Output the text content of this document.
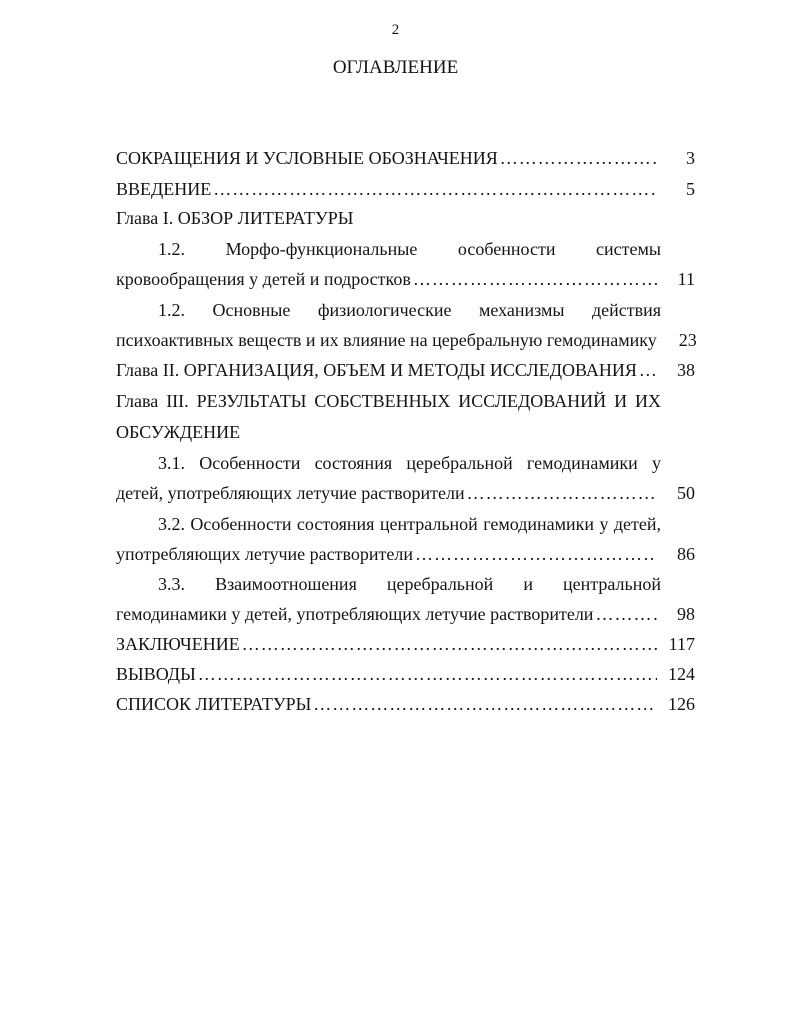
2
ОГЛАВЛЕНИЕ
СОКРАЩЕНИЯ И УСЛОВНЫЕ ОБОЗНАЧЕНИЯ ………………………………………………………………………………………………………………………………………………………………	3
ВВЕДЕНИЕ ………………………………………………………………………………………………………………………………………………………………	5
Глава I. ОБЗОР ЛИТЕРАТУРЫ
1.2. Морфо-функциональные особенности системы
кровообращения у детей и подростков ………………………………………………………………………………………………………………………………………………………………	11
1.2. Основные физиологические механизмы действия
психоактивных веществ и их влияние на церебральную гемодинамику	23
Глава II. ОРГАНИЗАЦИЯ, ОБЪЕМ И МЕТОДЫ ИССЛЕДОВАНИЯ ………………………………………………………………………………………………………………………………………………………………	38
Глава III. РЕЗУЛЬТАТЫ СОБСТВЕННЫХ ИССЛЕДОВАНИЙ И ИХ
ОБСУЖДЕНИЕ
3.1. Особенности состояния церебральной гемодинамики у
детей, употребляющих летучие растворители ………………………………………………………………………………………………………………………………………………………………	50
3.2. Особенности состояния центральной гемодинамики у детей,
употребляющих летучие растворители ………………………………………………………………………………………………………………………………………………………………	86
3.3. Взаимоотношения церебральной и центральной
гемодинамики у детей, употребляющих летучие растворители ………………………………………………………………………………………………………………………………………………………………	98
ЗАКЛЮЧЕНИЕ ………………………………………………………………………………………………………………………………………………………………	117
ВЫВОДЫ ………………………………………………………………………………………………………………………………………………………………	124
СПИСОК ЛИТЕРАТУРЫ ………………………………………………………………………………………………………………………………………………………………	126
